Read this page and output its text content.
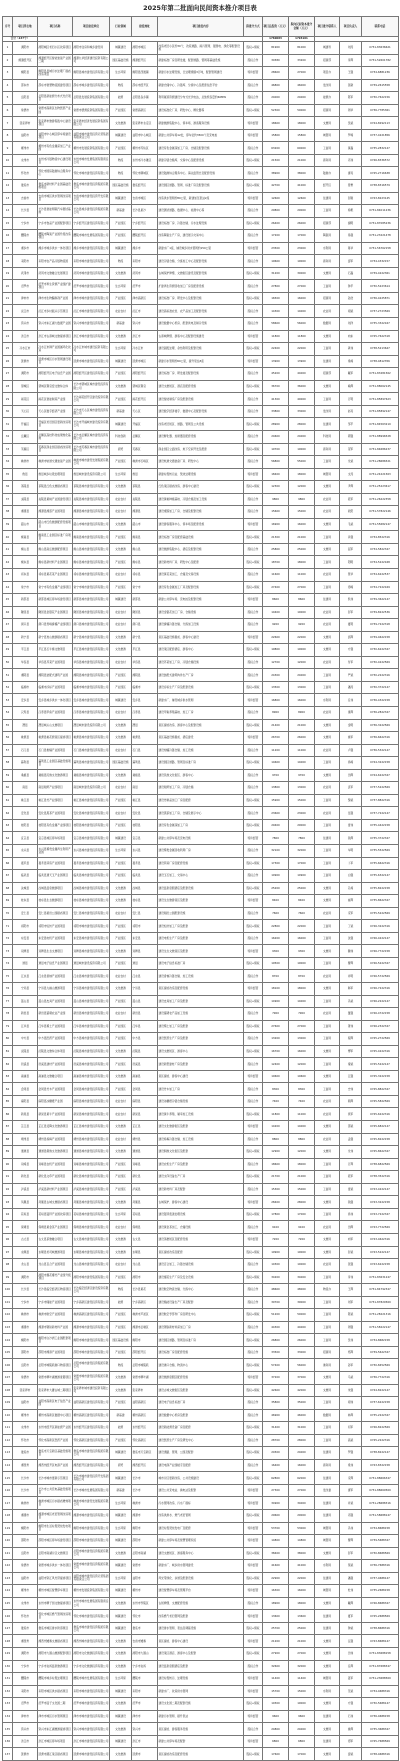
2025年第二批面向民间资本推介项目表
序号	项目所在地	项目名称	项目建设单位	行业领域	建设地址	项目建设内容	拟推介方式	项目总投资（万元）	拟向民间资本推介金额（万元）	项目推介联系人	项目负责人	联系电话
合计（137个）								1760083	1794101			
1	浏阳市	浏阳城区老旧小区改造项目	浏阳市住房和城乡建设局	城镇建设	浏阳市城区	改造老旧小区约30个，改造道路、雨污管网、强弱电、绿化等配套设施	股权+债权	81900	81000	城建科	刘涛	0731-83636621
2	湘潭经开区	湘潭经开区智能装备产业园二期	湘潭九华经济建设投资有限公司	园区基础设施	湘潭经开区	新建标准厂房及研发楼，配套道路、管网等基础设施	股权合作	34580	33200	招商部	李辉	0731-52601782
3	衡阳县	衡阳县县城污水处理厂提质改造项目	衡阳县城市建设投资有限公司	生态环保	衡阳县西渡镇	新建污水处理设施，日处理规模3万吨，配套管网建设	特许经营	28600	27000	项目办	王强	0734-6881236
4	邵东市	邵东市智慧物流园建设项目	邵东市城乡建设投资有限公司	物流	邵东市经开区	新建仓储中心、冷链库、分拣中心及配套信息平台	股权合作	46800	46000	发改局	张敏	0739-2615558
5	岳阳县	岳阳县新能源分布式光伏项目	岳阳县发展投资集团有限公司	能源	岳阳县各乡镇	利用屋顶资源建设分布式光伏电站，总装机容量约60MW	股权合作	24000	24000	能源办	陈军	0730-7622156
6	常德市	常德市高新区生物医药产业园	常德市德源投资集团有限公司	产业园区	常德高新区	建设标准化厂房、研发中心、孵化器等	股权+债权	52300	50000	招商局	周华	0736-7785361
7	张家界市	张家界市旅游集散中心建设项目	张家界市经济发展投资集团有限公司	文化旅游	张家界市永定区	新建旅游集散中心、停车场、游客服务设施	特许经营	18600	18000	文旅局	吴斌	0744-8292113
8	益阳市	益阳市中心城区停车场建设项目	益阳市城市建设投资运营集团有限责任公司	城镇建设	益阳市中心城区	新建公共停车场12处，停车位约3500个及充电桩	特许经营	15800	15800	城管局	罗峰	0737-4221856
9	郴州市	郴州市有色金属深加工产业园	郴州市发展投资集团有限公司	产业园区	郴州市苏仙区	建设有色金属深加工厂房、仓储及配套设施	股权合作	63200	60000	工信局	黄磊	0735-2832147
10	永州市	永州市冷链物流中心建设项目	永州市城市发展集团有限责任公司	物流	永州市冷水滩区	新建冷链仓储库、交易中心及配套设施	股权+债权	21500	21000	商务局	邓伟	0746-8336572
11	怀化市	怀化市国际陆港综合服务中心	怀化市城市建设投资有限公司	物流	怀化市鹤城区	建设陆港综合服务中心、海关监管仓及配套设施	股权合作	38900	38000	陆港办	唐亮	0745-2716638
12	娄底市	娄底市新材料产业园基础设施项目	娄底市城市建设投资集团有限公司	园区基础设施	娄底经开区	建设园区道路、管网、标准厂房及配套设施	股权+债权	42700	41000	经开区	曾勇	0738-8316579
13	吉首市	吉首市城区供水管网改造项目	吉首市城市建设投资开发有限公司	城镇建设	吉首市城区	改造供水管网约80公里，新建加压泵站2座	特许经营	12600	12600	住建局	彭刚	0743-8223145
14	长沙县	长沙县智能网联汽车测试基地	长沙县城乡建设投资集团有限公司	新基建	长沙县星沙	建设测试道路、数据中心、检测中心等	股权合作	29800	29000	工信局	杨帆	0731-84011236
15	宁乡市	宁乡市食品产业园配套项目	宁乡经开区建设投资有限公司	产业园区	宁乡经开区	建设标准厂房、冷链仓储、污水处理设施	股权+债权	26400	26000	招商部	谢明	0731-87085236
16	醴陵市	醴陵市陶瓷产业园升级改造项目	醴陵市城市发展集团有限公司	产业园区	醴陵经开区	改造陶瓷生产厂房，建设展示交易中心	股权合作	17200	17000	陶瓷局	易强	0731-23221478
17	湘乡市	湘乡市城乡供水一体化项目	湘乡市城市建设投资有限公司	城镇建设	湘乡市	新建水厂1座，铺设城乡供水管网约150公里	特许经营	23500	23000	水利局	蒋华	0731-56762158
18	耒阳市	耒阳市农产品冷链物流园	耒阳市城市建设投资有限公司	物流	耒阳市	建设冷链仓储、分拣加工中心及配套设施	股权合作	19600	19000	商务局	廖军	0734-4332157
19	武冈市	武冈市文旅融合发展项目	武冈市城市建设投资有限公司	文化旅游	武冈市	古城保护修缮、文旅街区建设及配套设施	股权+债权	31200	30000	文旅局	石磊	0739-4222361
20	汨罗市	汨罗市再生资源产业园扩建项目	汨罗市城市建设投资有限公司	生态环保	汨罗市	扩建再生资源回收加工厂房及配套设施	股权合作	27800	27000	工信局	钟平	0730-5223614
21	津市市	津市市生物酶制剂产业园	津市市城市建设投资有限公司	产业园区	津市高新区	建设标准厂房、研发中心及配套设施	股权+债权	16500	16000	招商局	孙浩	0736-4225871
22	沅江市	沅江市乡村振兴示范项目	沅江市城市建设投资有限公司	农业农村	沅江市	建设高标准农田、农产品加工及配套设施	股权合作	14300	14000	农业局	胡斌	0737-2723569
23	资兴市	资兴市东江湖大数据产业园	资兴市城市建设投资有限公司	新基建	资兴市	建设数据中心机房、配套供电及制冷设施	股权合作	58600	56000	数据局	刘洋	0735-3322167
24	洪江市	洪江市古商城文旅提质项目	洪江市城市建设投资有限公司	文化旅游	洪江市	古商城修缮、游客中心及配套设施建设	特许经营	11800	11800	文旅局	向东	0745-7622318
25	冷水江市	冷水江市锑产业园循环化改造	冷水江市城市建设投资有限公司	生态环保	冷水江市	建设固废处理、余热利用及配套设施	股权+债权	22400	22000	工信局	龚伟	0738-5213647
26	涟源市	涟源市城区污水管网建设项目	涟源市城市建设投资有限公司	城镇建设	涟源市城区	新建污水管网约60公里，提升泵站3座	特许经营	13900	13900	住建局	梁峰	0738-4812356
27	浏阳市	浏阳经开区电子信息产业园	浏阳经开区建设投资有限公司	产业园区	浏阳经开区	建设标准厂房、研发楼及配套设施	股权合作	45200	44000	招商部	戴军	0731-83281562
28	望城区	望城区铜官窑文旅综合体	长沙市望城区城市建设投资有限公司	文化旅游	望城区铜官	建设文旅街区、酒店及配套设施	股权+债权	36700	36000	文旅局	喻辉	0731-88062145
29	雨花区	雨花区智能制造产业园	长沙雨花经开区建设投资有限公司	产业园区	雨花经开区	建设智能制造厂房及配套设施	股权合作	41300	40000	工信局	万明	0731-85897623
30	天心区	天心区数字经济产业园	长沙市天心区城市建设投资有限公司	新基建	天心区	建设数字经济楼宇、数据中心及配套设施	股权合作	33800	33000	发改局	赵亮	0731-85892147
31	开福区	开福区老旧街区更新改造项目	长沙市开福城市建设投资有限公司	城镇建设	开福区	改造老旧街区、道路、管网及公共设施	股权+债权	28900	28000	住建局	邹平	0731-84563219
32	岳麓区	岳麓区高校科技成果转化基地	长沙市岳麓区城市建设投资有限公司	科技创新	岳麓区	建设孵化器、加速器及配套设施	股权合作	24600	24000	科技局	郭强	0731-88996528
33	芙蓉区	芙蓉区商业街区提质改造项目	长沙市芙蓉区城市建设投资有限公司	商贸	芙蓉区	商业街区立面改造、地下空间开发及配套	股权+债权	19700	19000	商务局	贺军	0731-84686237
34	株洲市	株洲市轨道交通装备产业园	株洲市城市建设发展集团有限公司	产业园区	株洲市石峰区	建设轨道交通装备厂房、研发中心	股权合作	56800	55000	工信局	龙斌	0731-28686521
35	攸县	攸县城乡垃圾处理项目	攸县城市建设投资有限公司	生态环保	攸县	新建垃圾转运站、焚烧处理设施	特许经营	18400	18000	城管局	文涛	0731-24221563
36	茶陵县	茶陵县红色文旅提质项目	茶陵县城市建设投资有限公司	文化旅游	茶陵县	红色景区提质改造、游客中心建设	股权+债权	12300	12000	文旅局	尹辉	0731-25223617
37	炎陵县	炎陵县黄桃产业园建设项目	炎陵县城市建设投资有限公司	农业农村	炎陵县	建设黄桃种植基地、冷链仓储及加工设施	股权合作	9800	9800	农业局	段军	0731-26222358
38	湘潭县	湘潭县湘莲产业园项目	湘潭县城市建设投资有限公司	农业农村	湘潭县	建设湘莲加工厂房、仓储及配套设施	股权合作	15600	15000	农业局	欧阳	0731-57822146
39	韶山市	韶山市红色旅游配套设施项目	韶山市城市建设投资有限公司	文化旅游	韶山市	建设游客服务中心、停车场及配套设施	特许经营	16900	16000	文旅局	毛斌	0731-55682147
40	衡南县	衡南县工业园区标准厂房项目	衡南县城市建设投资有限公司	产业园区	衡南县	建设标准厂房及配套基础设施	股权+债权	21300	21000	工信局	肖强	0734-8522316
41	衡山县	衡山县南岳旅游配套项目	衡山县城市建设投资有限公司	文化旅游	衡山县	建设旅游集散中心、酒店及配套设施	股权合作	25800	25000	文旅局	屈军	0734-5822347
42	衡东县	衡东县新材料产业园项目	衡东县城市建设投资有限公司	产业园区	衡东县	建设新材料厂房、研发中心及配套	股权+债权	18700	18000	工信局	阳明	0734-5222168
43	祁东县	祁东县黄花菜产业园项目	祁东县城市建设投资有限公司	农业农村	祁东县	建设黄花菜加工、仓储及交易设施	股权合作	11600	11000	农业局	管华	0734-6222537
44	常宁市	常宁市有色金属产业园项目	常宁市城市建设投资有限公司	产业园区	常宁市	建设有色金属加工厂房及配套设施	股权+债权	27400	27000	工信局	谭峰	0734-7222169
45	新邵县	新邵县城区停车场建设项目	新邵县城市建设投资有限公司	城镇建设	新邵县	新建公共停车场、充电桩及配套设施	特许经营	8600	8600	住建局	熊伟	0739-3622147
46	隆回县	隆回县金银花产业园项目	隆回县城市建设投资有限公司	农业农村	隆回县	建设金银花加工厂房、仓储设施	股权合作	10400	10000	农业局	彭军	0739-8222536
47	洞口县	洞口县雪峰蜜橘产业园项目	洞口县城市建设投资有限公司	农业农村	洞口县	建设蜜橘冷链仓储、分拣加工设施	股权合作	9200	9200	农业局	夏明	0739-7222318
48	新宁县	新宁县崀山旅游提质项目	新宁县城市建设投资有限公司	文化旅游	新宁县	景区基础设施提质、游客中心建设	特许经营	22600	22000	文旅局	邱辉	0739-4622158
49	平江县	平江县石牛寨文旅项目	平江县城市建设投资有限公司	文化旅游	平江县	建设景区配套酒店、游客中心	股权+债权	19800	19000	文旅局	方强	0730-6222347
50	华容县	华容县芥菜产业园项目	华容县城市建设投资有限公司	农业农村	华容县	建设芥菜加工厂房、冷链仓储设施	股权合作	12700	12000	农业局	付军	0730-4222569
51	湘阴县	湘阴县装配式建筑产业园	湘阴县城市建设投资有限公司	产业园区	湘阴县	建设装配式建筑构件生产厂房	股权合作	24300	24000	工信局	严斌	0730-2222316
52	临湘市	临湘市浮标产业园项目	临湘市城市建设投资有限公司	产业园区	临湘市	建设浮标生产厂房及配套设施	股权+债权	13500	13000	工信局	潘涛	0730-3722147
53	安乡县	安乡县城乡供水一体化项目	安乡县城市建设投资有限公司	城镇建设	安乡县	新建水厂、铺设城乡供水管网	特许经营	16800	16000	水利局	任伟	0736-4322158
54	汉寿县	汉寿县甲鱼产业园项目	汉寿县城市建设投资有限公司	农业农村	汉寿县	建设甲鱼养殖基地、加工厂房	股权合作	8900	8900	农业局	康辉	0736-2822347
55	澧县	澧县城头山文旅项目	澧县城市建设投资有限公司	文化旅游	澧县	景区提质改造、游客中心及配套设施	股权+债权	21400	21000	文旅局	金明	0736-3222569
56	桃源县	桃源县桃花源景区提质项目	桃源县城市建设投资有限公司	文化旅游	桃源县	景区基础设施提质、酒店建设	特许经营	26700	26000	文旅局	姚军	0736-6622316
57	石门县	石门县柑橘产业园项目	石门县城市建设投资有限公司	农业农村	石门县	建设柑橘冷链仓储、加工设施	股权合作	11200	11000	农业局	卢强	0736-5322147
58	慈利县	慈利县工业园区基础设施项目	慈利县城市建设投资有限公司	园区基础设施	慈利县	建设园区道路、管网及标准厂房	股权+债权	14600	14000	工信局	汤峰	0744-3222158
59	桑植县	桑植县民族文化旅游项目	桑植县城市建设投资有限公司	文化旅游	桑植县	建设民族文化街区、游客中心	股权合作	9700	9700	文旅局	田辉	0744-6222347
60	南县	南县稻虾产业园项目	南县城市建设投资有限公司	农业农村	南县	建设稻虾加工厂房、冷链仓储	股权合作	13800	13000	农业局	袁军	0737-5222569
61	桃江县	桃江县竹产业园项目	桃江县城市建设投资有限公司	产业园区	桃江县	建设竹制品加工厂房及配套	股权+债权	15900	15000	工信局	黎斌	0737-8822316
62	安化县	安化县黑茶产业园项目	安化县城市建设投资有限公司	农业农村	安化县	建设黑茶加工厂房、仓储及展示中心	股权合作	23600	23000	农业局	伍强	0737-7222147
63	桂阳县	桂阳县有色金属产业园项目	桂阳县城市建设投资有限公司	产业园区	桂阳县	建设有色金属深加工厂房	股权+债权	29400	29000	工信局	雷伟	0735-4422158
64	宜章县	宜章县城区停车场项目	宜章县城市建设投资有限公司	城镇建设	宜章县	新建公共停车场及充电设施	特许经营	7800	7800	住建局	钱辉	0735-3722347
65	永兴县	永兴县稀贵金属再生利用产业园	永兴县城市建设投资有限公司	生态环保	永兴县	建设稀贵金属回收利用厂房	股权合作	32100	32000	工信局	车明	0735-5522569
66	嘉禾县	嘉禾县铸造产业园项目	嘉禾县城市建设投资有限公司	产业园区	嘉禾县	建设铸造厂房及配套设施	股权+债权	17300	17000	工信局	卜军	0735-6622316
67	临武县	临武县通天玉产业园项目	临武县城市建设投资有限公司	产业园区	临武县	建设玉石加工、交易中心	股权合作	10900	10900	工信局	白强	0735-6322147
68	汝城县	汝城县温泉旅游项目	汝城县城市建设投资有限公司	文化旅游	汝城县	建设温泉度假酒店及配套设施	股权+债权	25200	25000	文旅局	孔峰	0735-8222158
69	桂东县	桂东县生态旅游项目	桂东县城市建设投资有限公司	文化旅游	桂东县	建设生态旅游景区及配套	特许经营	8400	8400	文旅局	崔辉	0735-8622347
70	安仁县	安仁县稻田公园提质项目	安仁县城市建设投资有限公司	农业农村	安仁县	建设稻田公园配套设施	股权合作	7600	7600	农业局	宋军	0735-5222569
71	祁阳市	祁阳市轻纺产业园项目	祁阳市城市建设投资有限公司	产业园区	祁阳市	建设轻纺加工厂房及配套	股权+债权	22800	22000	工信局	丁斌	0746-3222316
72	东安县	东安县电机产业园项目	东安县城市建设投资有限公司	产业园区	东安县	建设电机生产厂房及配套	股权合作	16200	16000	工信局	沈强	0746-4222147
73	双牌县	双牌县生态文旅项目	双牌县城市建设投资有限公司	文化旅游	双牌县	建设生态文旅景区及配套	特许经营	9300	9300	文旅局	魏伟	0746-7722158
74	道县	道县电子信息产业园项目	道县城市建设投资有限公司	产业园区	道县	建设电子信息标准厂房	股权+债权	19500	19000	工信局	曹辉	0746-5222347
75	江永县	江永县香柚产业园项目	江永县城市建设投资有限公司	农业农村	江永县	建设香柚冷链仓储、加工设施	股权合作	8700	8700	农业局	许明	0746-5722569
76	宁远县	宁远县九嶷山旅游项目	宁远县城市建设投资有限公司	文化旅游	宁远县	景区提质改造及配套设施	特许经营	18100	18000	文旅局	韩军	0746-7222316
77	蓝山县	蓝山县皮具产业园项目	蓝山县城市建设投资有限公司	产业园区	蓝山县	建设皮具加工厂房及配套	股权+债权	14900	14000	工信局	冯斌	0746-2222147
78	新田县	新田县富硒农业产业园	新田县城市建设投资有限公司	农业农村	新田县	建设富硒农产品加工设施	股权合作	7900	7900	农业局	董强	0746-4722158
79	江华县	江华县稀土产业园项目	江华县城市建设投资有限公司	产业园区	江华县	建设稀土加工厂房及配套	股权+债权	27600	27000	工信局	萧伟	0746-2322347
80	中方县	中方县医药产业园项目	中方县城市建设投资有限公司	产业园区	中方县	建设医药生产厂房及配套	股权合作	13200	13000	工信局	程辉	0745-2722569
81	沅陵县	沅陵县文旅综合体项目	沅陵县城市建设投资有限公司	文化旅游	沅陵县	建设文旅街区、游客中心	股权+债权	16700	16000	文旅局	傅军	0745-4222316
82	辰溪县	辰溪县建材产业园项目	辰溪县城市建设投资有限公司	产业园区	辰溪县	建设新型建材厂房及配套	股权合作	12400	12000	工信局	秦斌	0745-5222147
83	溆浦县	溆浦县文旅融合项目	溆浦县城市建设投资有限公司	文化旅游	溆浦县	景区提质、游客中心建设	特许经营	10600	10600	文旅局	江强	0745-3222158
84	会同县	会同县竹木产业园项目	会同县城市建设投资有限公司	产业园区	会同县	建设竹木加工厂房	股权合作	8300	8300	工信局	史伟	0745-8822347
85	麻阳县	麻阳县冰糖橙产业园	麻阳县城市建设投资有限公司	农业农村	麻阳县	建设冰糖橙冷链仓储设施	股权合作	7400	7400	农业局	顾辉	0745-5822569
86	新晃县	新晃县黄牛产业园项目	新晃县城市建设投资有限公司	农业农村	新晃县	建设黄牛养殖、屠宰加工设施	股权+债权	11800	11000	农业局	侯军	0745-6222316
87	芷江县	芷江县受降文化旅游项目	芷江县城市建设投资有限公司	文化旅游	芷江县	建设文化旅游街区及配套	特许经营	14200	14000	文旅局	邵斌	0745-6822147
88	靖州县	靖州县杨梅产业园项目	靖州县城市建设投资有限公司	农业农村	靖州县	建设杨梅冷链仓储、加工设施	股权合作	8800	8800	农业局	孟强	0745-8222158
89	通道县	通道县侗族文化旅游项目	通道县城市建设投资有限公司	文化旅游	通道县	建设侗族文化街区及配套	股权+债权	12900	12000	文旅局	龙伟	0745-8622347
90	双峰县	双峰县农机产业园项目	双峰县城市建设投资有限公司	产业园区	双峰县	建设农机生产厂房及配套	股权合作	18600	18000	工信局	万辉	0738-6822569
91	新化县	新化县文印产业园项目	新化县城市建设投资有限公司	产业园区	新化县	建设文印设备生产厂房	股权+债权	21700	21000	工信局	段军	0738-3522316
92	泸溪县	泸溪县新材料产业园项目	泸溪县城市建设投资有限公司	产业园区	泸溪县	建设新材料厂房及配套	股权合作	15300	15000	工信局	雷斌	0743-4222147
93	凤凰县	凤凰县古城文旅提质项目	凤凰县城市建设投资有限公司	文化旅游	凤凰县	古城保护、游客中心建设	特许经营	28400	28000	文旅局	钱强	0743-3222158
94	花垣县	花垣县锰锌产业园改造项目	花垣县城市建设投资有限公司	生态环保	花垣县	建设锰锌废渣处理设施	股权+债权	17800	17000	工信局	汤伟	0743-7222347
95	保靖县	保靖县黄金茶产业园项目	保靖县城市建设投资有限公司	农业农村	保靖县	建设黄金茶加工、仓储设施	股权合作	9100	9100	农业局	田辉	0743-7722569
96	古丈县	古丈县茶旅融合项目	古丈县城市建设投资有限公司	文化旅游	古丈县	建设茶旅街区及配套设施	特许经营	7200	7200	文旅局	向军	0743-4622316
97	永顺县	永顺县老司城旅游项目	永顺县城市建设投资有限公司	文化旅游	永顺县	景区提质改造及配套	股权+债权	19900	19000	文旅局	彭斌	0743-5222147
98	龙山县	龙山县百合产业园项目	龙山县城市建设投资有限公司	农业农村	龙山县	建设百合加工、冷链仓储设施	股权合作	10300	10000	农业局	张强	0743-6222158
99	浏阳市	浏阳市烟花爆竹产业园升级项目	浏阳市城市建设集团有限公司	产业园区	浏阳市	建设烟花生产厂房及安全设施	股权+债权	34200	34000	工信局	李伟	0731-83631247
100	长沙县	长沙县临空经济区物流项目	长沙临空经济区建设投资有限公司	物流	长沙县黄花	建设航空物流仓储、分拣中心	股权合作	48600	48000	物流办	王辉	0731-84792347
101	宁乡市	宁乡市储能产业园项目	宁乡高新区建设投资有限公司	能源	宁乡高新区	建设储能设备生产厂房及配套	股权合作	39700	39000	工信局	刘军	0731-87820569
102	株洲市	株洲市航空产业园项目	株洲高新区建设投资有限公司	产业园区	株洲市芦淞区	建设航空零部件厂房及研发中心	股权+债权	51200	50000	工信局	陈斌	0731-28221316
103	湘潭市	湘潭市钢铁新材料产业园	湘潭市城市建设投资有限公司	产业园区	湘潭市岳塘区	建设钢铁新材料深加工厂房	股权合作	44300	44000	工信局	周强	0731-58222147
104	衡阳市	衡阳市白沙洲工业园配套项目	衡阳市城市建设投资有限公司	园区基础设施	衡阳市	建设园区道路、管网及标准厂房	股权+债权	26800	26000	工信局	吴伟	0734-8682158
105	邵阳市	邵阳市湘商产业园项目	邵阳市城市建设投资有限公司	产业园区	邵阳经开区	建设标准厂房及配套设施	股权合作	33500	33000	招商局	郑辉	0739-5622347
106	岳阳市	岳阳市城陵矶港口物流项目	岳阳市城市建设投资集团有限公司	物流	岳阳市城陵矶	建设港口仓储、物流中心	股权+债权	57400	56000	港务局	孙军	0730-8452569
107	常德市	常德市柳叶湖旅游度假项目	常德市城市建设投资集团有限公司	文化旅游	常德市柳叶湖	建设旅游度假区配套设施	特许经营	37200	37000	文旅局	马斌	0736-7722316
108	张家界市	张家界市大庸古城二期项目	张家界市城市建设投资有限公司	文化旅游	张家界市	建设古城文旅街区及配套	股权+债权	42600	42000	文旅局	朱强	0744-8222147
109	益阳市	益阳市高新区电子信息产业园	益阳高新区建设投资有限公司	产业园区	益阳高新区	建设电子信息标准厂房	股权合作	35800	35000	工信局	胡伟	0737-6222158
110	郴州市	郴州市高新区数据中心项目	郴州高新区建设投资有限公司	新基建	郴州高新区	建设数据中心机房及配套	股权合作	46900	46000	数据局	林辉	0735-2222347
111	永州市	永州市经开区新能源产业园	永州经开区建设投资有限公司	能源	永州经开区	建设新能源设备厂房及配套	股权+债权	31400	31000	工信局	何军	0746-8222569
112	怀化市	怀化市高新区医药产业园	怀化高新区建设投资有限公司	产业园区	怀化高新区	建设医药生产厂房及研发中心	股权合作	28700	28000	工信局	高斌	0745-2222316
113	娄底市	娄底市万宝新区基础设施项目	娄底市城市建设投资集团有限公司	城镇建设	娄底市万宝新区	建设道路、管网、公园及配套	股权+债权	24500	24000	住建局	罗强	0738-8222147
114	湘西州	湘西州经开区电商产业园	湘西经开区建设投资有限公司	商贸	湘西经开区	建设电商产业园楼宇及配套	股权合作	16400	16000	商务局	梁伟	0743-8322158
115	长沙市	长沙市城市更新示范项目	长沙市城市建设投资开发集团有限公司	城镇建设	长沙市	城市片区更新改造、公共设施建设	股权+债权	62800	62000	住建局	宋辉	0731-88666347
116	长沙市	长沙市公共充电基础设施项目	长沙市城市发展集团有限公司	新基建	长沙市	建设公共充电站、换电站及配套	特许经营	27300	27000	发改委	唐军	0731-88669569
117	株洲市	株洲市城区污水提质增效项目	株洲市城市建设发展集团有限公司	生态环保	株洲市	污水管网改造、污水厂提标	特许经营	34900	34000	住建局	许斌	0731-28688316
118	湘潭市	湘潭市城区老旧管网改造项目	湘潭市城市建设投资有限公司	城镇建设	湘潭市	改造供排水、燃气老旧管网	股权+债权	29600	29000	住建局	邓强	0731-58688147
119	衡阳市	衡阳市生活垃圾焚烧发电项目	衡阳市城市建设投资有限公司	生态环保	衡阳市	建设垃圾焚烧发电厂及配套	特许经营	53700	53000	城管局	冯伟	0734-8688158
120	邵阳市	邵阳市城区停车场建设项目	邵阳市城市建设投资有限公司	城镇建设	邵阳市	新建公共停车场及智慧管理系统	特许经营	14800	14800	城管局	曹辉	0739-5688347
121	岳阳市	岳阳市南湖片区文旅项目	岳阳市城市建设投资集团有限公司	文化旅游	岳阳市南湖	建设文旅街区、游客服务中心	股权+债权	38400	38000	文旅局	彭军	0730-8688569
122	常德市	常德市城乡供水一体化项目	常德市城市建设投资集团有限公司	城镇建设	常德市	新建水厂、城乡供水管网建设	特许经营	41600	41000	水利局	蔡斌	0736-7688316
123	益阳市	益阳市资江风光带提质项目	益阳市城市建设投资运营集团有限责任公司	生态环保	益阳市	风光带绿化、步道及配套设施	股权+债权	22900	22000	住建局	潘强	0737-4688147
124	郴州市	郴州市城区智慧停车项目	郴州市发展投资集团有限公司	城镇建设	郴州市	建设智慧停车场及管理平台	特许经营	16300	16000	城管局	杜伟	0735-2688158
125	永州市	永州市柳子街文旅提质项目	永州市城市发展集团有限责任公司	文化旅游	永州市零陵区	古街修缮、文旅配套设施	股权合作	18900	18000	文旅局	戴辉	0746-8688347
126	怀化市	怀化市城区燃气管网改造项目	怀化市城市建设投资有限公司	城镇建设	怀化市	改造燃气老旧管网及配套	特许经营	13600	13600	住建局	夏军	0745-2688569
127	娄底市	娄底市城区排水防涝项目	娄底市城市建设投资集团有限公司	城镇建设	娄底市	建设排水管网、泵站及调蓄设施	股权+债权	25700	25000	住建局	钟斌	0738-8688316
128	湘西州	湘西州矮寨文旅提质项目	湘西州城市建设投资有限公司	文化旅游	吉首市矮寨	景区提质、游客中心建设	特许经营	21200	21000	文旅局	汪强	0743-8688147
129	浏阳市	浏阳市大围山旅游配套项目	浏阳市文化旅游投资有限公司	文化旅游	浏阳市大围山	建设景区酒店、游客中心及配套	股权+债权	27900	27000	文旅局	田伟	0731-83688158
130	宁乡市	宁乡市灰汤温泉旅游项目	宁乡市文化旅游投资有限公司	文化旅游	宁乡市灰汤	建设温泉度假酒店及配套	股权合作	32600	32000	文旅局	任辉	0731-87688347
131	醴陵市	醴陵市城乡垃圾处理项目	醴陵市城市发展集团有限公司	生态环保	醴陵市	建设垃圾转运、处理设施	特许经营	11400	11400	城管局	姜军	0731-23688569
132	耒阳市	耒阳市城区供水提质项目	耒阳市城市建设投资有限公司	城镇建设	耒阳市	新建水厂、改造供水管网	特许经营	15700	15000	水利局	范斌	0734-4688316
133	汨罗市	汨罗市屈子文化园二期	汨罗市城市建设投资有限公司	文化旅游	汨罗市	建设文化园二期及配套设施	股权+债权	19300	19000	文旅局	方强	0730-5688147
134	津市市	津市市城区污水管网项目	津市市城市建设投资有限公司	城镇建设	津市市	新建污水管网、提升泵站	特许经营	9600	9600	住建局	石伟	0736-4688158
135	资兴市	资兴市东江湖旅游提质项目	资兴市城市建设投资有限公司	文化旅游	资兴市	景区提质、游客服务设施	股权合作	24800	24000	文旅局	姚辉	0735-3688347
136	洪江市	洪江市城区停车场项目	洪江市城市建设投资有限公司	城镇建设	洪江市	新建公共停车场及配套	特许经营	6800	6800	住建局	谭军	0745-7688569
137	涟源市	涟源市湄江景区提质项目	涟源市城市建设投资有限公司	文化旅游	涟源市	景区提质改造及配套设施	股权+债权	17600	17000	文旅局	廖斌	0738-4688316
